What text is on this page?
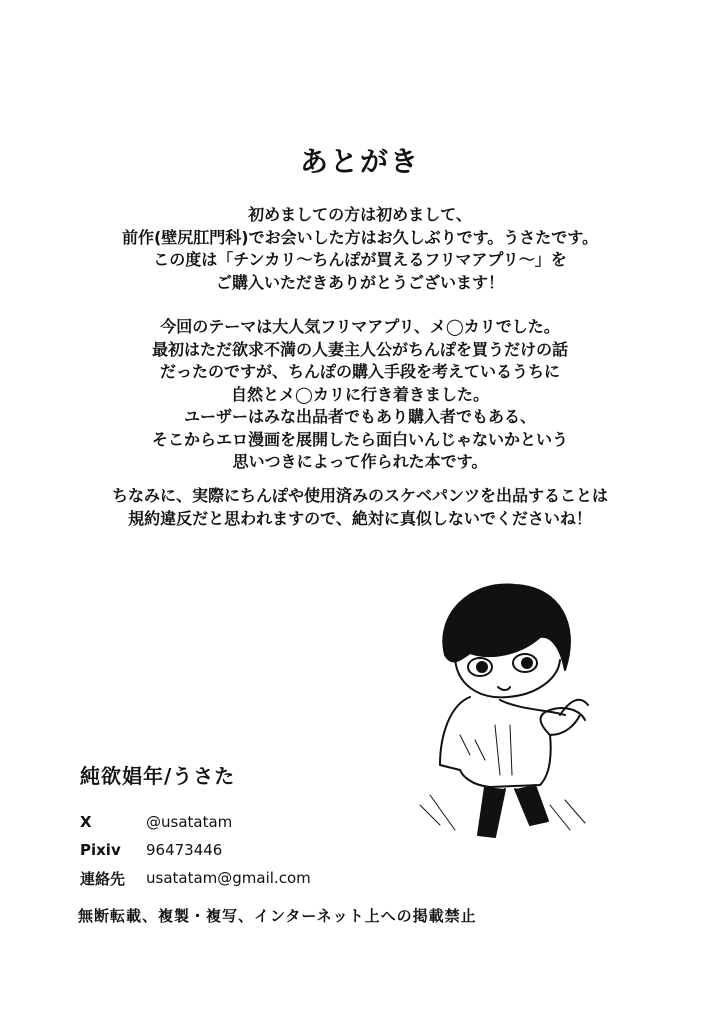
あとがき
初めましての方は初めまして、
前作(壁尻肛門科)でお会いした方はお久しぶりです。うさたです。
この度は「チンカリ〜ちんぽが買えるフリマアプリ〜」を
ご購入いただきありがとうございます！
今回のテーマは大人気フリマアプリ、メ◯カリでした。
最初はただ欲求不満の人妻主人公がちんぽを買うだけの話
だったのですが、ちんぽの購入手段を考えているうちに
自然とメ◯カリに行き着きました。
ユーザーはみな出品者でもあり購入者でもある、
そこからエロ漫画を展開したら面白いんじゃないかという
思いつきによって作られた本です。
ちなみに、実際にちんぽや使用済みのスケベパンツを出品することは
規約違反だと思われますので、絶対に真似しないでくださいね！
純欲娼年/うさた
X	@usatatam
Pixiv	96473446
連絡先	usatatam@gmail.com
無断転載、複製・複写、インターネット上への掲載禁止
